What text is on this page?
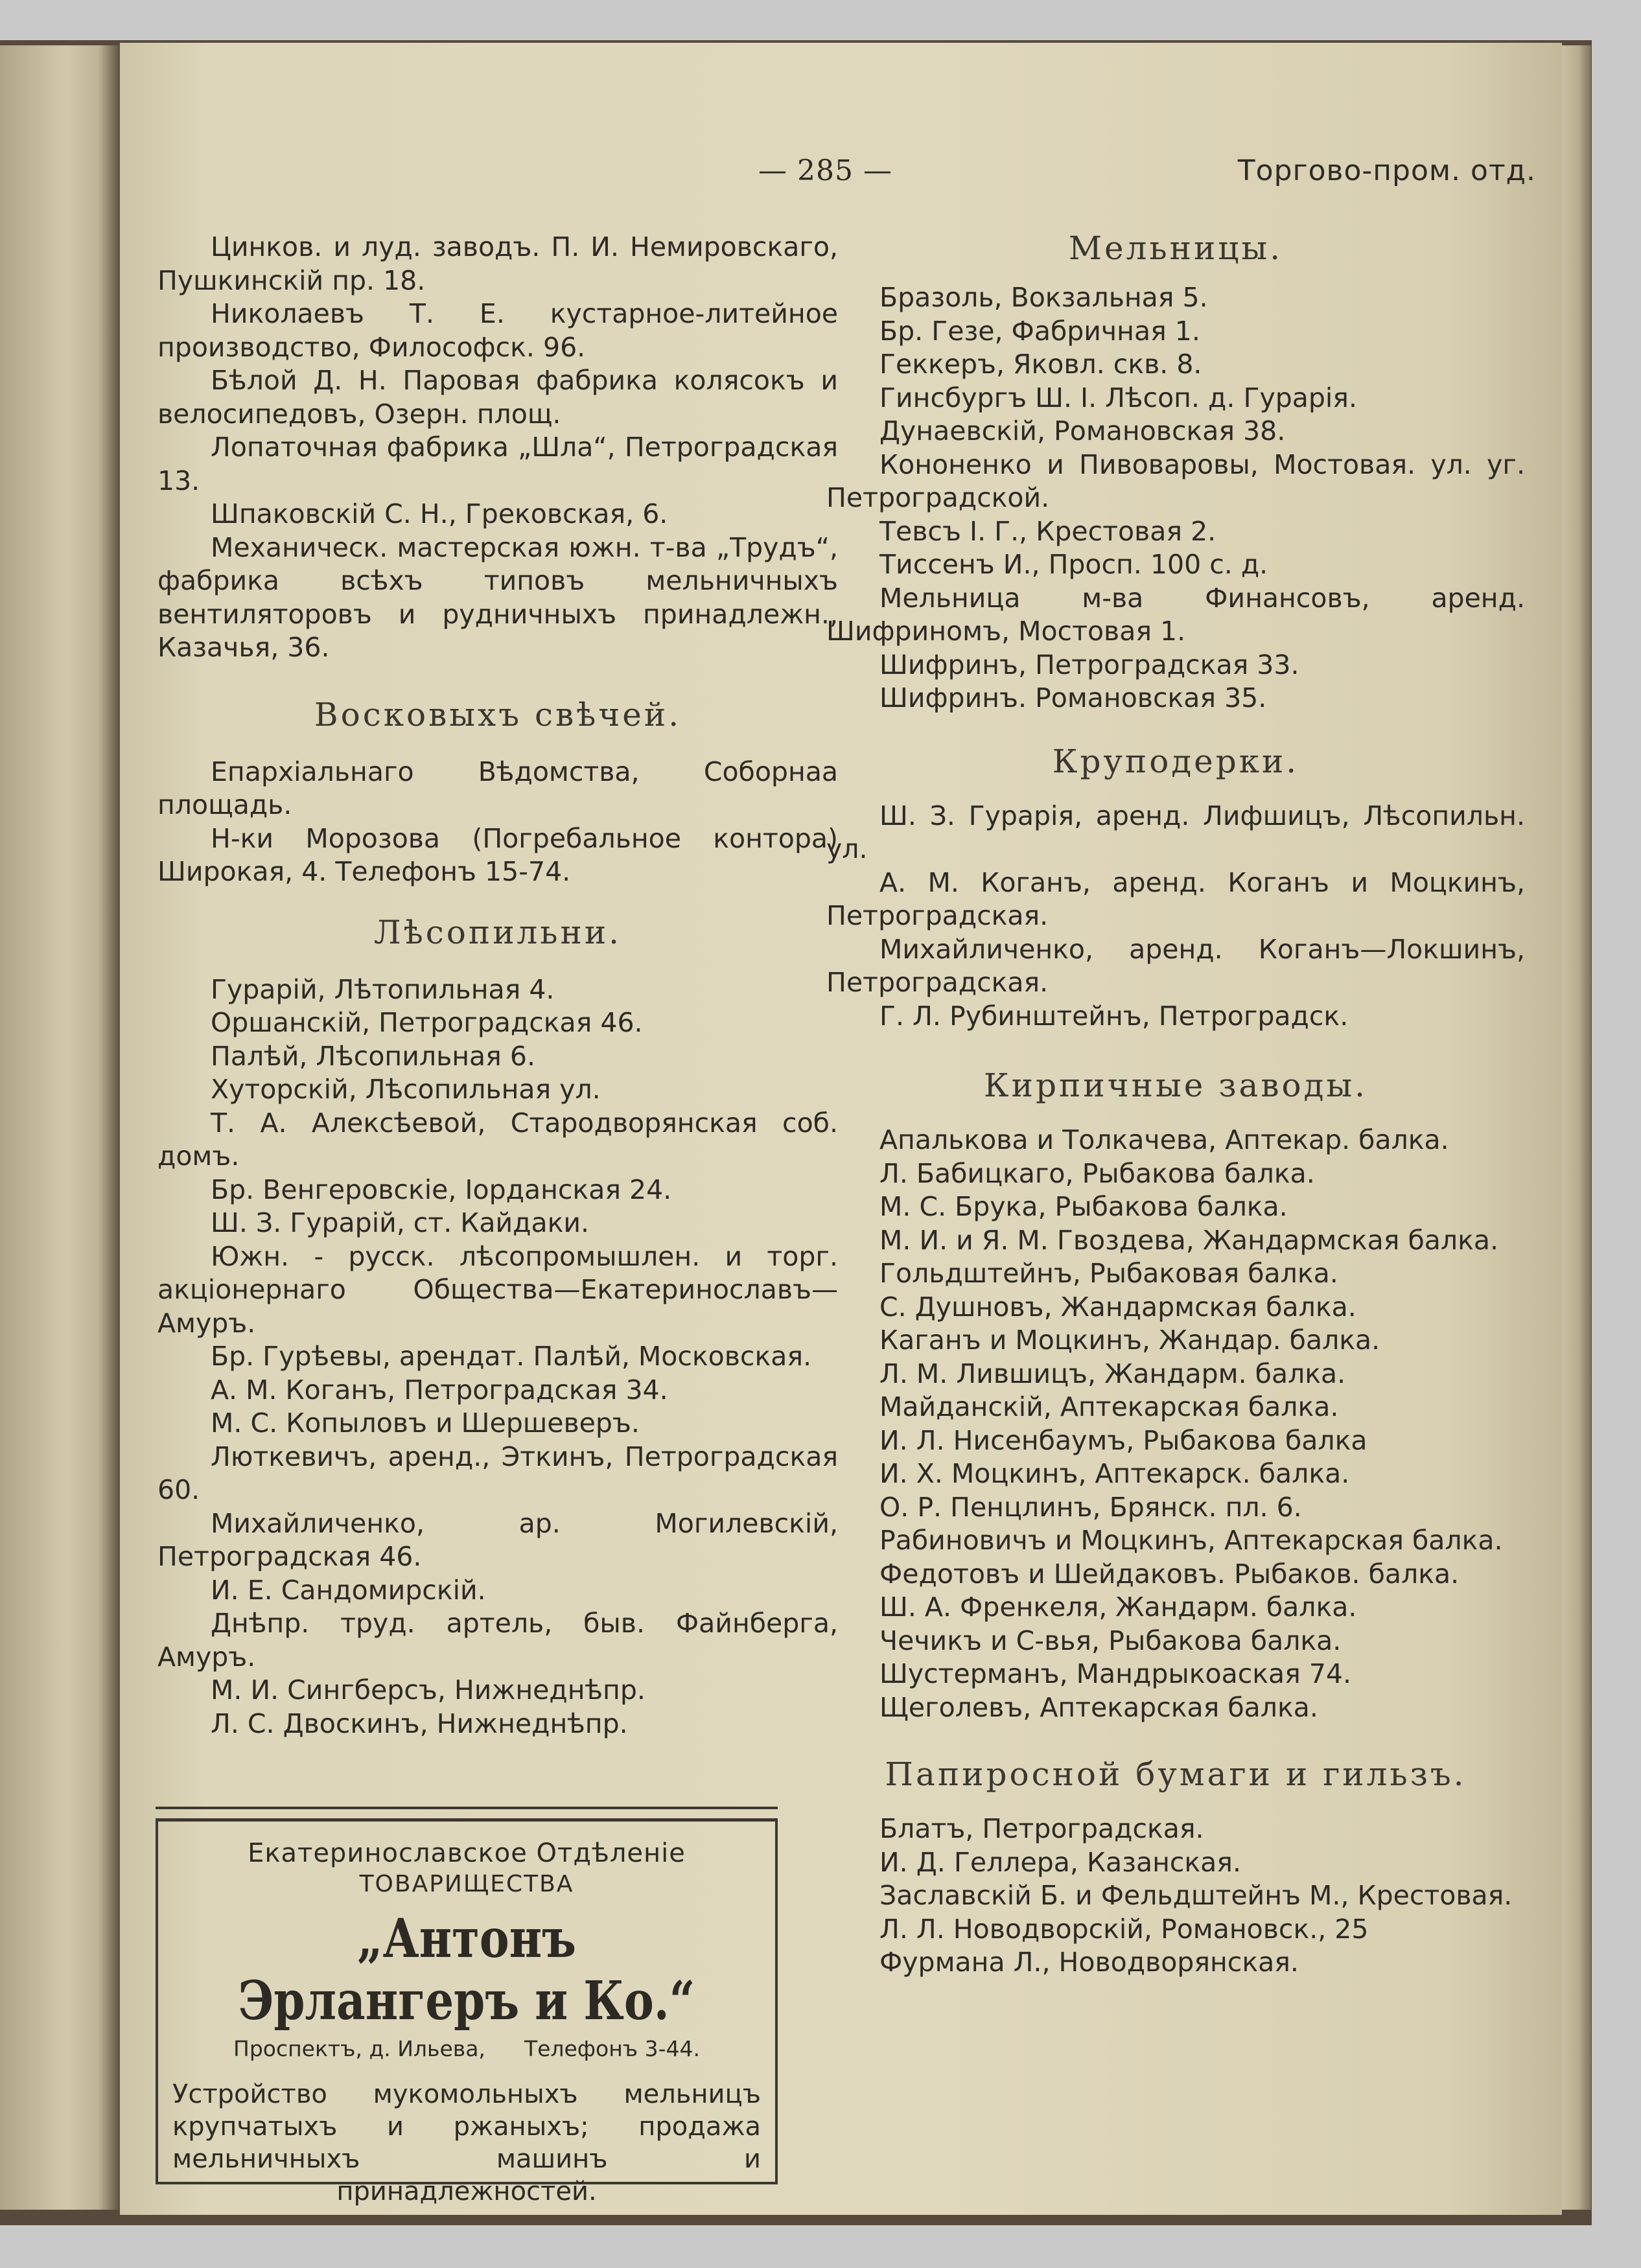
— 285 —	Торгово-пром. отд.

Цинков. и луд. заводъ. П. И. Немировскаго, Пушкинскій пр. 18.

Николаевъ Т. Е. кустарное-литейное производство, Философск. 96.

Бѣлой Д. Н. Паровая фабрика колясокъ и велосипедовъ, Озерн. площ.

Лопаточная фабрика „Шла“, Петроградская 13.

Шпаковскій С. Н., Грековская, 6.

Механическ. мастерская южн. т-ва „Трудъ“, фабрика всѣхъ типовъ мельничныхъ вентиляторовъ и рудничныхъ принадлежн., Казачья, 36.

Восковыхъ свѣчей.

Епархіальнаго Вѣдомства, Соборнаа площадь.

Н-ки Морозова (Погребальное контора) Широкая, 4. Телефонъ 15-74.

Лѣсопильни.

Гурарій, Лѣтопильная 4.

Оршанскій, Петроградская 46.

Палѣй, Лѣсопильная 6.

Хуторскій, Лѣсопильная ул.

Т. А. Алексѣевой, Стародворянская соб. домъ.

Бр. Венгеровскіе, Іорданская 24.

Ш. З. Гурарій, ст. Кайдаки.

Южн. - русск. лѣсопромышлен. и торг. акціонернаго Общества—Екатеринославъ—Амуръ.

Бр. Гурѣевы, арендат. Палѣй, Московская.

А. М. Коганъ, Петроградская 34.

М. С. Копыловъ и Шершеверъ.

Люткевичъ, аренд., Эткинъ, Петроградская 60.

Михайличенко, ар. Могилевскій, Петроградская 46.

И. Е. Сандомирскій.

Днѣпр. труд. артель, быв. Файнберга, Амуръ.

М. И. Сингберсъ, Нижнеднѣпр.

Л. С. Двоскинъ, Нижнеднѣпр.

Екатеринославское Отдѣленіе
ТОВАРИЩЕСТВА
„Антонъ Эрлангеръ и Ко.“
Проспектъ, д. Ильева, Телефонъ 3-44.
Устройство мукомольныхъ мельницъ крупчатыхъ и ржаныхъ; продажа мельничныхъ машинъ и принадлежностей.
Мельницы.

Бразоль, Вокзальная 5.

Бр. Гезе, Фабричная 1.

Геккеръ, Яковл. скв. 8.

Гинсбургъ Ш. І. Лѣсоп. д. Гурарія.

Дунаевскій, Романовская 38.

Кононенко и Пивоваровы, Мостовая. ул. уг. Петроградской.

Тевсъ І. Г., Крестовая 2.

Тиссенъ И., Просп. 100 с. д.

Мельница м-ва Финансовъ, аренд. Шифриномъ, Мостовая 1.

Шифринъ, Петроградская 33.

Шифринъ. Романовская 35.

Круподерки.

Ш. З. Гурарія, аренд. Лифшицъ, Лѣсопильн. ул.

А. М. Коганъ, аренд. Коганъ и Моцкинъ, Петроградская.

Михайличенко, аренд. Коганъ—Локшинъ, Петроградская.

Г. Л. Рубинштейнъ, Петроградск.

Кирпичные заводы.

Апалькова и Толкачева, Аптекар. балка.

Л. Бабицкаго, Рыбакова балка.

М. С. Брука, Рыбакова балка.

М. И. и Я. М. Гвоздева, Жандармская балка.

Гольдштейнъ, Рыбаковая балка.

С. Душновъ, Жандармская балка.

Каганъ и Моцкинъ, Жандар. балка.

Л. М. Лившицъ, Жандарм. балка.

Майданскій, Аптекарская балка.

И. Л. Нисенбаумъ, Рыбакова балка

И. Х. Моцкинъ, Аптекарск. балка.

О. Р. Пенцлинъ, Брянск. пл. 6.

Рабиновичъ и Моцкинъ, Аптекарская балка.

Федотовъ и Шейдаковъ. Рыбаков. балка.

Ш. А. Френкеля, Жандарм. балка.

Чечикъ и С-вья, Рыбакова балка.

Шустерманъ, Мандрыкоаская 74.

Щеголевъ, Аптекарская балка.

Папиросной бумаги и гильзъ.

Блатъ, Петроградская.

И. Д. Геллера, Казанская.

Заславскій Б. и Фельдштейнъ М., Крестовая.

Л. Л. Новодворскій, Романовск., 25

Фурмана Л., Новодворянская.
